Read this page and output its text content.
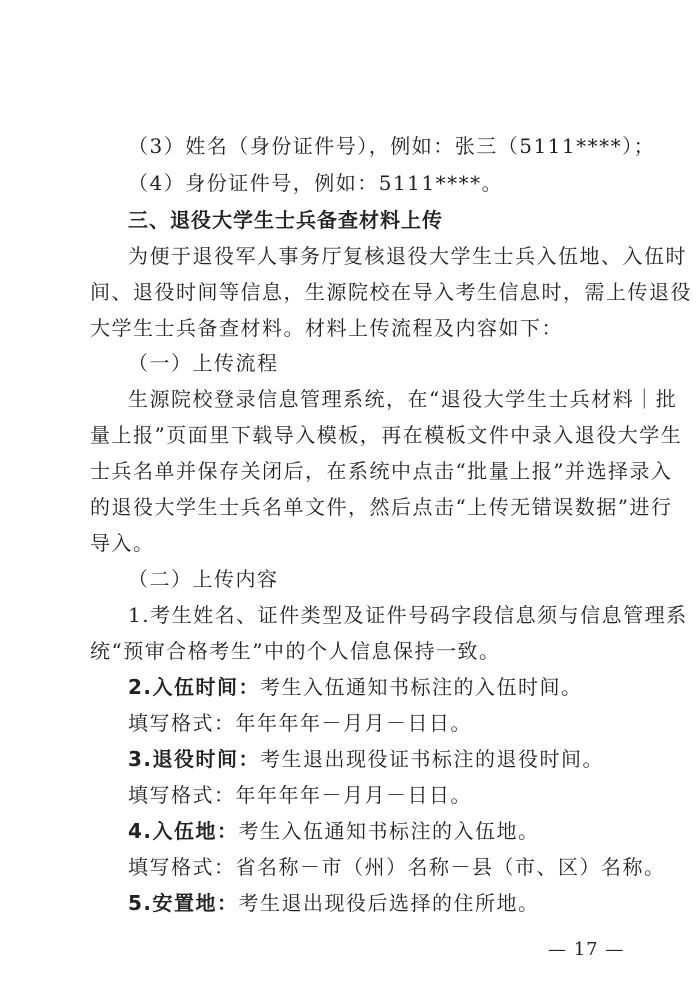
（3）姓名（身份证件号），例如：张三（5111****）；
（4）身份证件号，例如：5111****。
三、退役大学生士兵备查材料上传
为便于退役军人事务厅复核退役大学生士兵入伍地、入伍时
间、退役时间等信息，生源院校在导入考生信息时，需上传退役
大学生士兵备查材料。材料上传流程及内容如下：
（一）上传流程
生源院校登录信息管理系统，在“退役大学生士兵材料｜批
量上报”页面里下载导入模板，再在模板文件中录入退役大学生
士兵名单并保存关闭后，在系统中点击“批量上报”并选择录入
的退役大学生士兵名单文件，然后点击“上传无错误数据”进行
导入。
（二）上传内容
1.考生姓名、证件类型及证件号码字段信息须与信息管理系
统“预审合格考生”中的个人信息保持一致。
2.入伍时间：考生入伍通知书标注的入伍时间。
填写格式：年年年年－月月－日日。
3.退役时间：考生退出现役证书标注的退役时间。
填写格式：年年年年－月月－日日。
4.入伍地：考生入伍通知书标注的入伍地。
填写格式：省名称－市（州）名称－县（市、区）名称。
5.安置地：考生退出现役后选择的住所地。
— 17 —
